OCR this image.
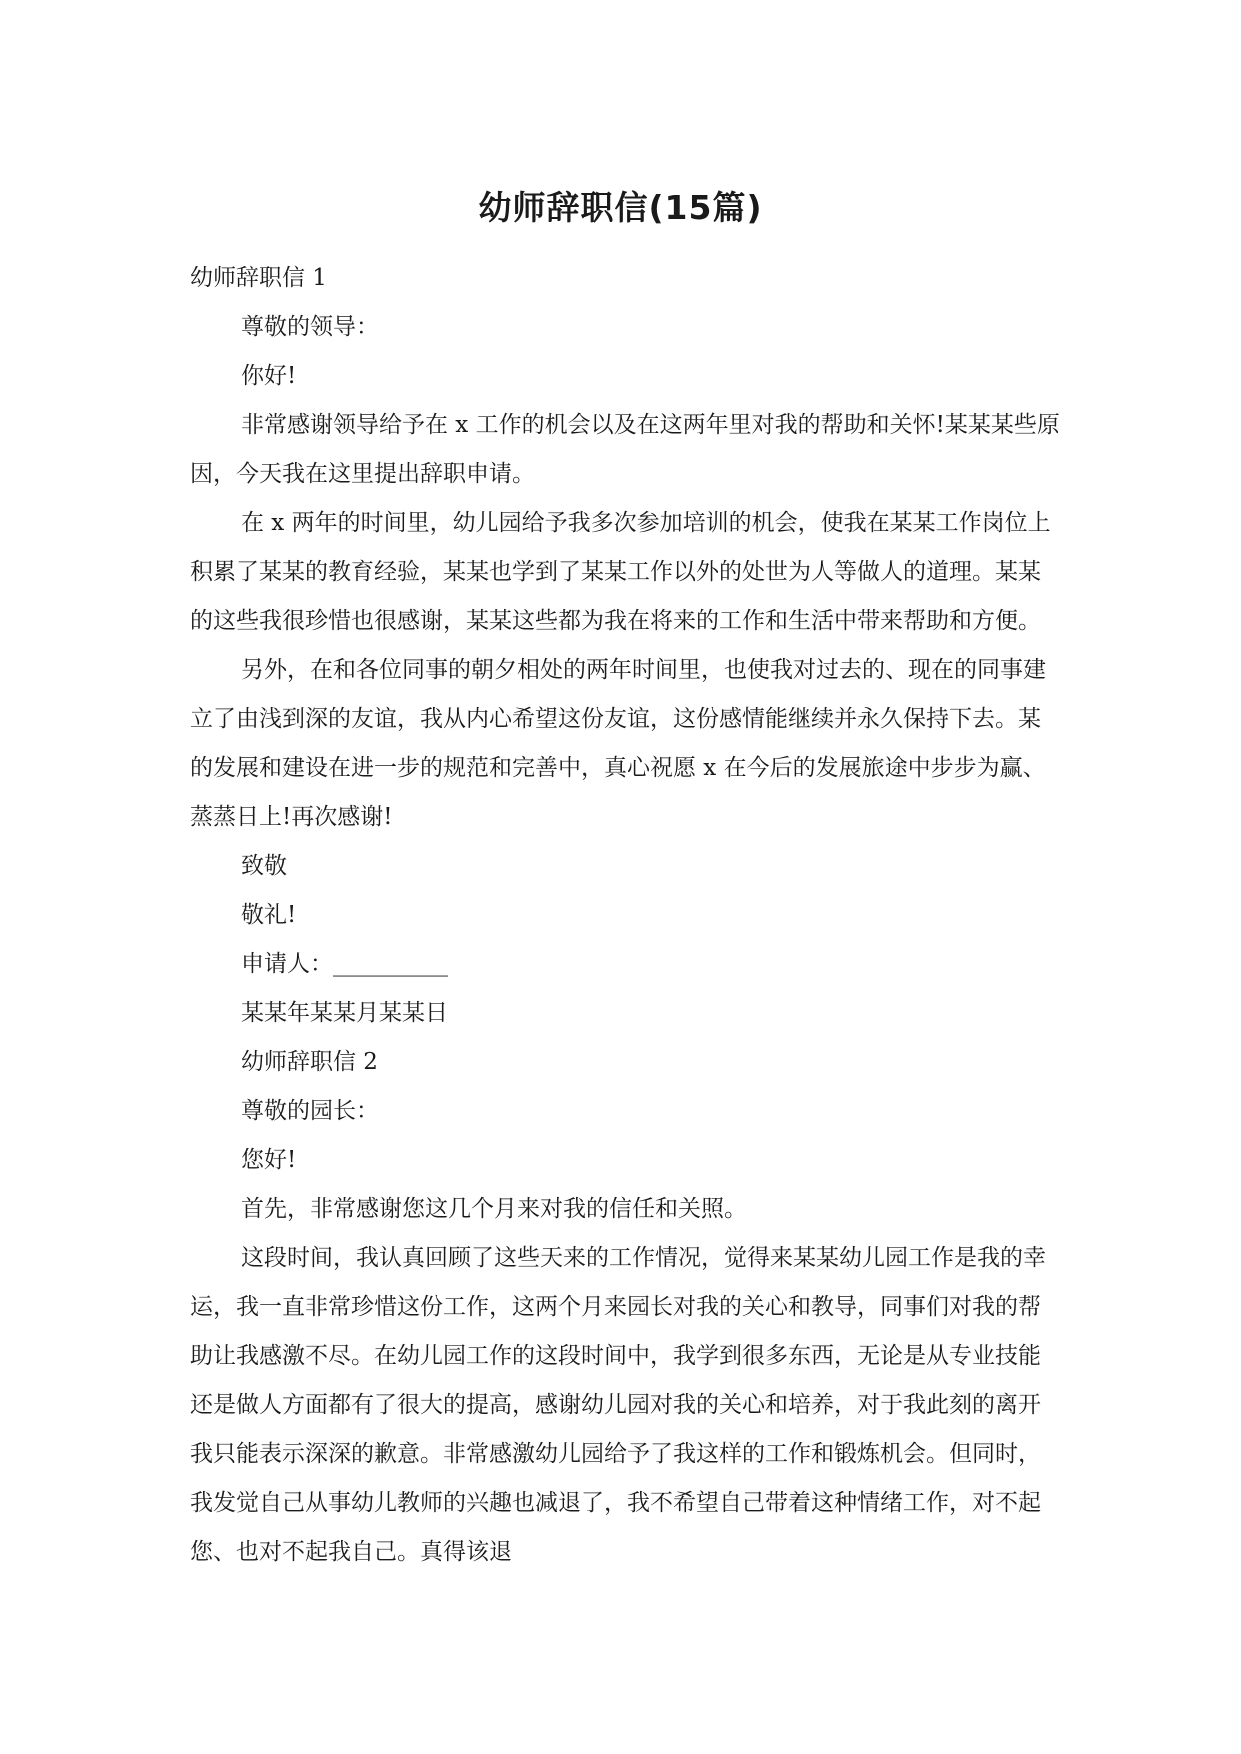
幼师辞职信(15篇)

幼师辞职信 1

尊敬的领导：

你好!

非常感谢领导给予在 x 工作的机会以及在这两年里对我的帮助和关怀!某某某些原因，今天我在这里提出辞职申请。

在 x 两年的时间里，幼儿园给予我多次参加培训的机会，使我在某某工作岗位上积累了某某的教育经验，某某也学到了某某工作以外的处世为人等做人的道理。某某的这些我很珍惜也很感谢，某某这些都为我在将来的工作和生活中带来帮助和方便。

另外，在和各位同事的朝夕相处的两年时间里，也使我对过去的、现在的同事建立了由浅到深的友谊，我从内心希望这份友谊，这份感情能继续并永久保持下去。某的发展和建设在进一步的规范和完善中，真心祝愿 x 在今后的发展旅途中步步为赢、蒸蒸日上!再次感谢!

致敬

敬礼!

申请人：__________

某某年某某月某某日

幼师辞职信 2

尊敬的园长：

您好!

首先，非常感谢您这几个月来对我的信任和关照。

这段时间，我认真回顾了这些天来的工作情况，觉得来某某幼儿园工作是我的幸运，我一直非常珍惜这份工作，这两个月来园长对我的关心和教导，同事们对我的帮助让我感激不尽。在幼儿园工作的这段时间中，我学到很多东西，无论是从专业技能还是做人方面都有了很大的提高，感谢幼儿园对我的关心和培养，对于我此刻的离开我只能表示深深的歉意。非常感激幼儿园给予了我这样的工作和锻炼机会。但同时，我发觉自己从事幼儿教师的兴趣也减退了，我不希望自己带着这种情绪工作，对不起您、也对不起我自己。真得该退
